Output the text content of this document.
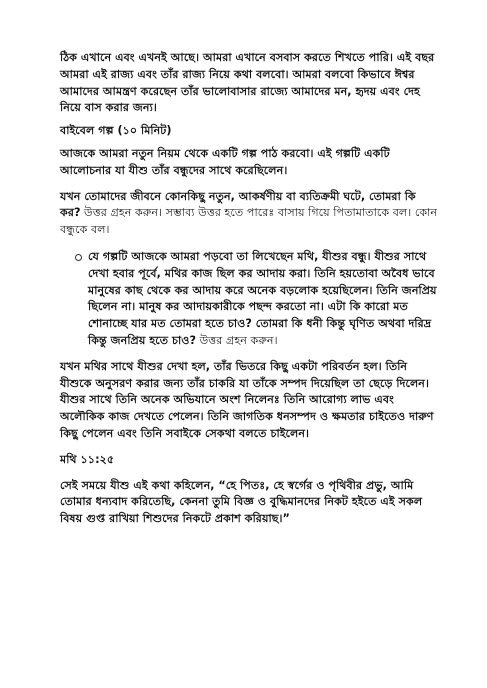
ঠিক এখানে এবং এখনই আছে। আমরা এখানে বসবাস করতে শিখতে পারি। এই বছর আমরা এই রাজ্য এবং তাঁর রাজ্য নিয়ে কথা বলবো। আমরা বলবো কিভাবে ঈশ্বর আমাদের আমন্ত্রণ করেছেন তাঁর ভালোবাসার রাজ্যে আমাদের মন, হৃদয় এবং দেহ নিয়ে বাস করার জন্য।

বাইবেল গল্প (১০ মিনিট)

আজকে আমরা নতুন নিয়ম থেকে একটি গল্প পাঠ করবো। এই গল্পটি একটি আলোচনার যা যীশু তাঁর বন্ধুদের সাথে করেছিলেন।

যখন তোমাদের জীবনে কোনকিছু নতুন, আকর্ষণীয় বা ব্যতিক্রমী ঘটে, তোমরা কি কর? উত্তর গ্রহন করুন। সম্ভাব্য উত্তর হতে পারেঃ বাসায় গিয়ে পিতামাতাকে বল। কোন বন্ধুকে বল।

যে গল্পটি আজকে আমরা পড়বো তা লিখেছেন মথি, যীশুর বন্ধু। যীশুর সাথে দেখা হবার পূর্বে, মথির কাজ ছিল কর আদায় করা। তিনি হয়তোবা অবৈধ ভাবে মানুষের কাছ থেকে কর আদায় করে অনেক বড়লোক হয়েছিলেন। তিনি জনপ্রিয় ছিলেন না। মানুষ কর আদায়কারীকে পছন্দ করতো না। এটা কি কারো মত শোনাচ্ছে যার মত তোমরা হতে চাও? তোমরা কি ধনী কিন্তু ঘৃণিত অথবা দরিদ্র কিন্তু জনপ্রিয় হতে চাও? উত্তর গ্রহন করুন।

যখন মথির সাথে যীশুর দেখা হল, তাঁর ভিতরে কিছু একটা পরিবর্তন হল। তিনি যীশুকে অনুসরণ করার জন্য তাঁর চাকরি যা তাঁকে সম্পদ দিয়েছিল তা ছেড়ে দিলেন। যীশুর সাথে তিনি অনেক অভিযানে অংশ নিলেনঃ তিনি আরোগ্য লাভ এবং অলৌকিক কাজ দেখতে পেলেন। তিনি জাগতিক ধনসম্পদ ও ক্ষমতার চাইতেও দারুণ কিছু পেলেন এবং তিনি সবাইকে সেকথা বলতে চাইলেন।

মথি ১১:২৫

সেই সময়ে যীশু এই কথা কহিলেন, “হে পিতঃ, হে স্বর্গের ও পৃথিবীর প্রভু, আমি তোমার ধন্যবাদ করিতেছি, কেননা তুমি বিজ্ঞ ও বুদ্ধিমানদের নিকট হইতে এই সকল বিষয় গুপ্ত রাখিয়া শিশুদের নিকটে প্রকাশ করিয়াছ।”
